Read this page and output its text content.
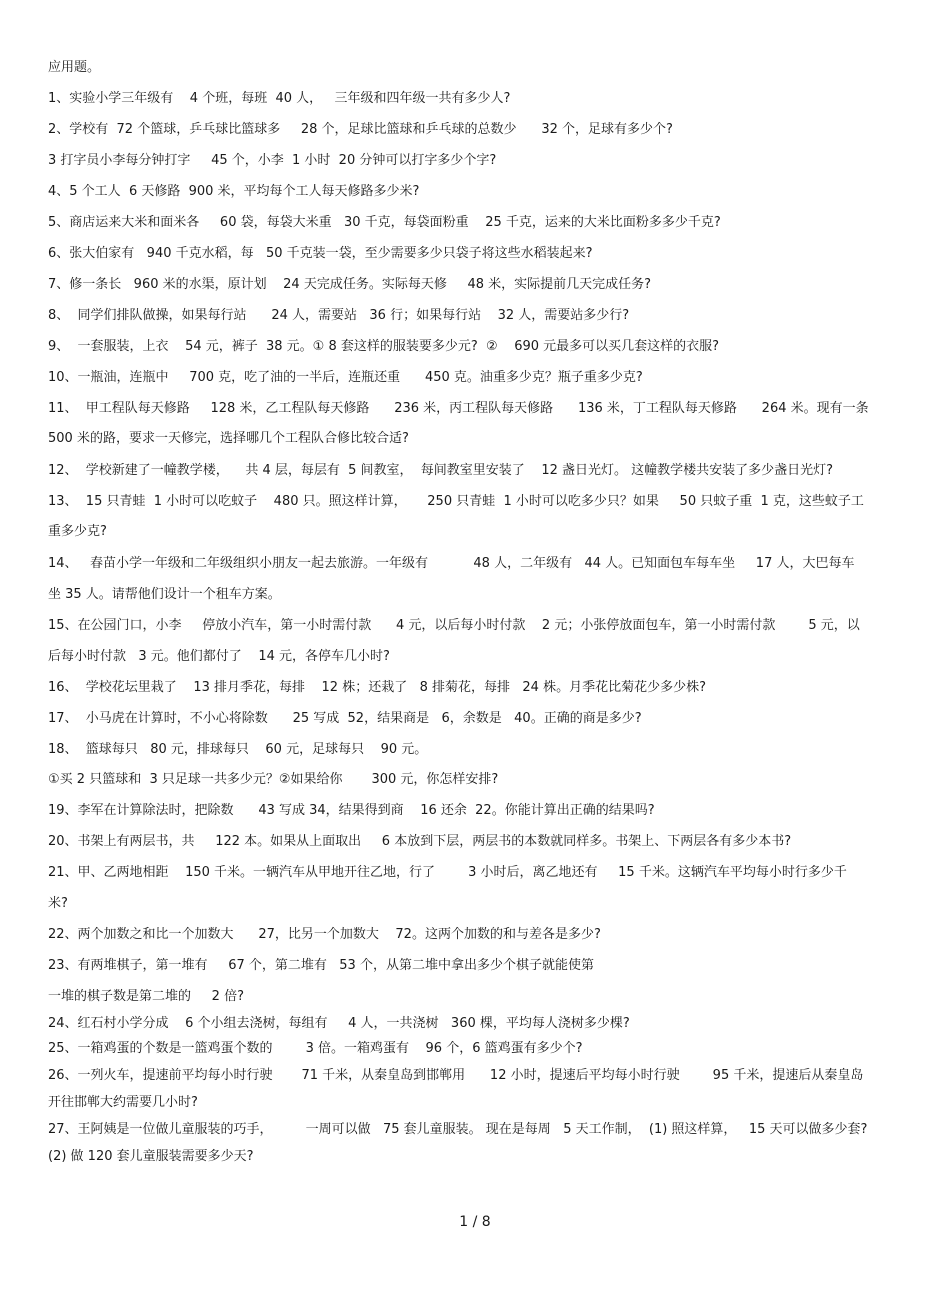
应用题。
1、实验小学三年级有    4 个班，每班  40 人，   三年级和四年级一共有多少人?
2、学校有  72 个篮球，乒乓球比篮球多     28 个，足球比篮球和乒乓球的总数少      32 个，足球有多少个?
3 打字员小李每分钟打字     45 个，小李  1 小时  20 分钟可以打字多少个字?
4、5 个工人  6 天修路  900 米，平均每个工人每天修路多少米?
5、商店运来大米和面米各     60 袋，每袋大米重   30 千克，每袋面粉重    25 千克，运来的大米比面粉多多少千克?
6、张大伯家有   940 千克水稻，每   50 千克装一袋，至少需要多少只袋子将这些水稻装起来?
7、修一条长   960 米的水渠，原计划    24 天完成任务。实际每天修     48 米，实际提前几天完成任务?
8、  同学们排队做操，如果每行站      24 人，需要站   36 行；如果每行站    32 人，需要站多少行?
9、  一套服装，上衣    54 元，裤子  38 元。① 8 套这样的服装要多少元?  ②    690 元最多可以买几套这样的衣服?
10、一瓶油，连瓶中     700 克，吃了油的一半后，连瓶还重      450 克。油重多少克？瓶子重多少克?
11、  甲工程队每天修路     128 米，乙工程队每天修路      236 米，丙工程队每天修路      136 米，丁工程队每天修路      264 米。现有一条
500 米的路，要求一天修完，选择哪几个工程队合修比较合适?
12、  学校新建了一幢教学楼，    共 4 层，每层有  5 间教室，  每间教室里安装了    12 盏日光灯。 这幢教学楼共安装了多少盏日光灯?
13、  15 只青蛙  1 小时可以吃蚊子    480 只。照这样计算，     250 只青蛙  1 小时可以吃多少只？如果     50 只蚊子重  1 克，这些蚊子工
重多少克?
14、   春苗小学一年级和二年级组织小朋友一起去旅游。一年级有           48 人，二年级有   44 人。已知面包车每车坐     17 人，大巴每车
坐 35 人。请帮他们设计一个租车方案。
15、在公园门口，小李     停放小汽车，第一小时需付款      4 元，以后每小时付款    2 元；小张停放面包车，第一小时需付款        5 元，以
后每小时付款   3 元。他们都付了    14 元，各停车几小时?
16、  学校花坛里栽了    13 排月季花，每排    12 株；还栽了   8 排菊花，每排   24 株。月季花比菊花少多少株?
17、  小马虎在计算时，不小心将除数      25 写成  52，结果商是   6，余数是   40。正确的商是多少?
18、  篮球每只   80 元，排球每只    60 元，足球每只    90 元。
①买 2 只篮球和  3 只足球一共多少元？②如果给你       300 元，你怎样安排?
19、李军在计算除法时，把除数      43 写成 34，结果得到商    16 还余  22。你能计算出正确的结果吗?
20、书架上有两层书，共     122 本。如果从上面取出     6 本放到下层，两层书的本数就同样多。书架上、下两层各有多少本书?
21、甲、乙两地相距    150 千米。一辆汽车从甲地开往乙地，行了        3 小时后，离乙地还有     15 千米。这辆汽车平均每小时行多少千
米?
22、两个加数之和比一个加数大      27，比另一个加数大    72。这两个加数的和与差各是多少?
23、有两堆棋子，第一堆有     67 个，第二堆有   53 个，从第二堆中拿出多少个棋子就能使第
一堆的棋子数是第二堆的     2 倍?
24、红石村小学分成    6 个小组去浇树，每组有     4 人，一共浇树   360 棵，平均每人浇树多少棵?
25、一箱鸡蛋的个数是一篮鸡蛋个数的        3 倍。一箱鸡蛋有    96 个，6 篮鸡蛋有多少个?
26、一列火车，提速前平均每小时行驶       71 千米，从秦皇岛到邯郸用      12 小时，提速后平均每小时行驶        95 千米，提速后从秦皇岛
开往邯郸大约需要几小时?
27、王阿姨是一位做儿童服装的巧手，        一周可以做   75 套儿童服装。 现在是每周   5 天工作制，  (1) 照这样算，   15 天可以做多少套?
(2) 做 120 套儿童服装需要多少天?
1 / 8
